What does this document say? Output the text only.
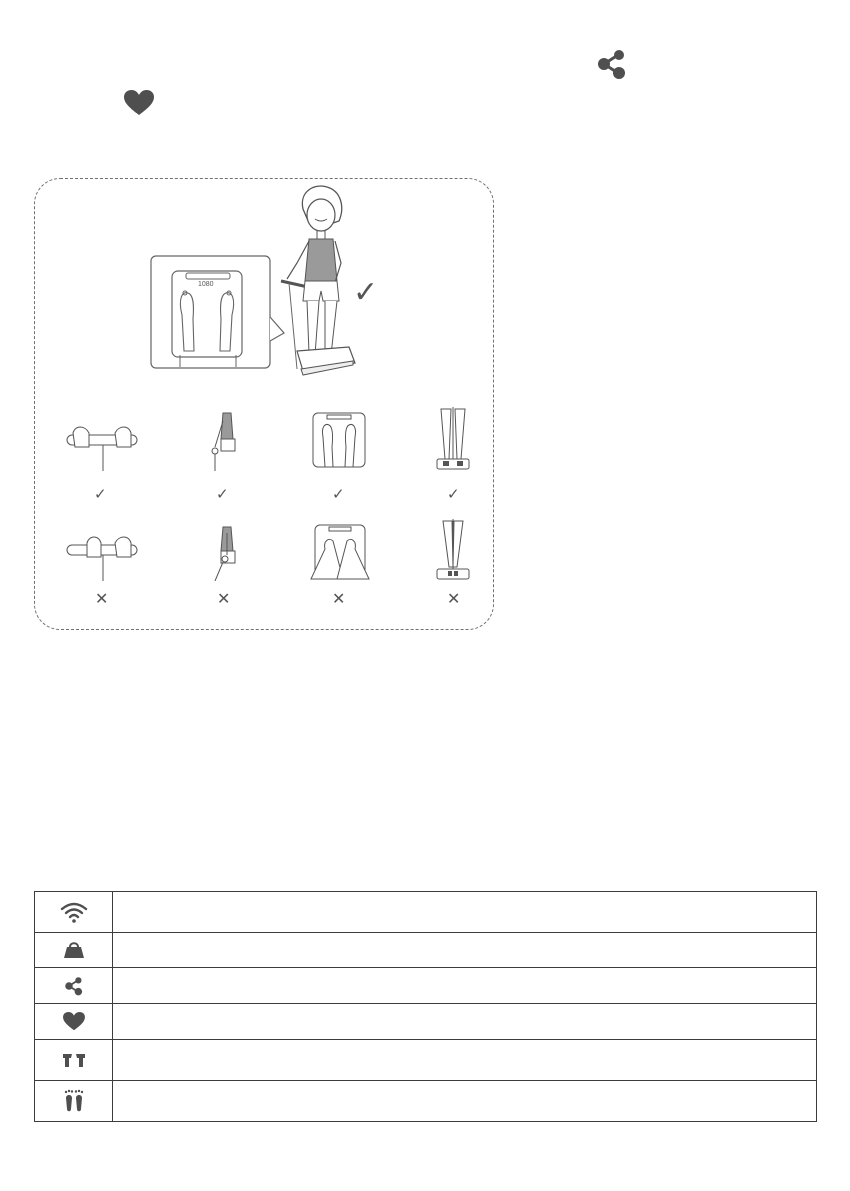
1080	✓
✓	✓	✓	✓
✕	✕	✕	✕
